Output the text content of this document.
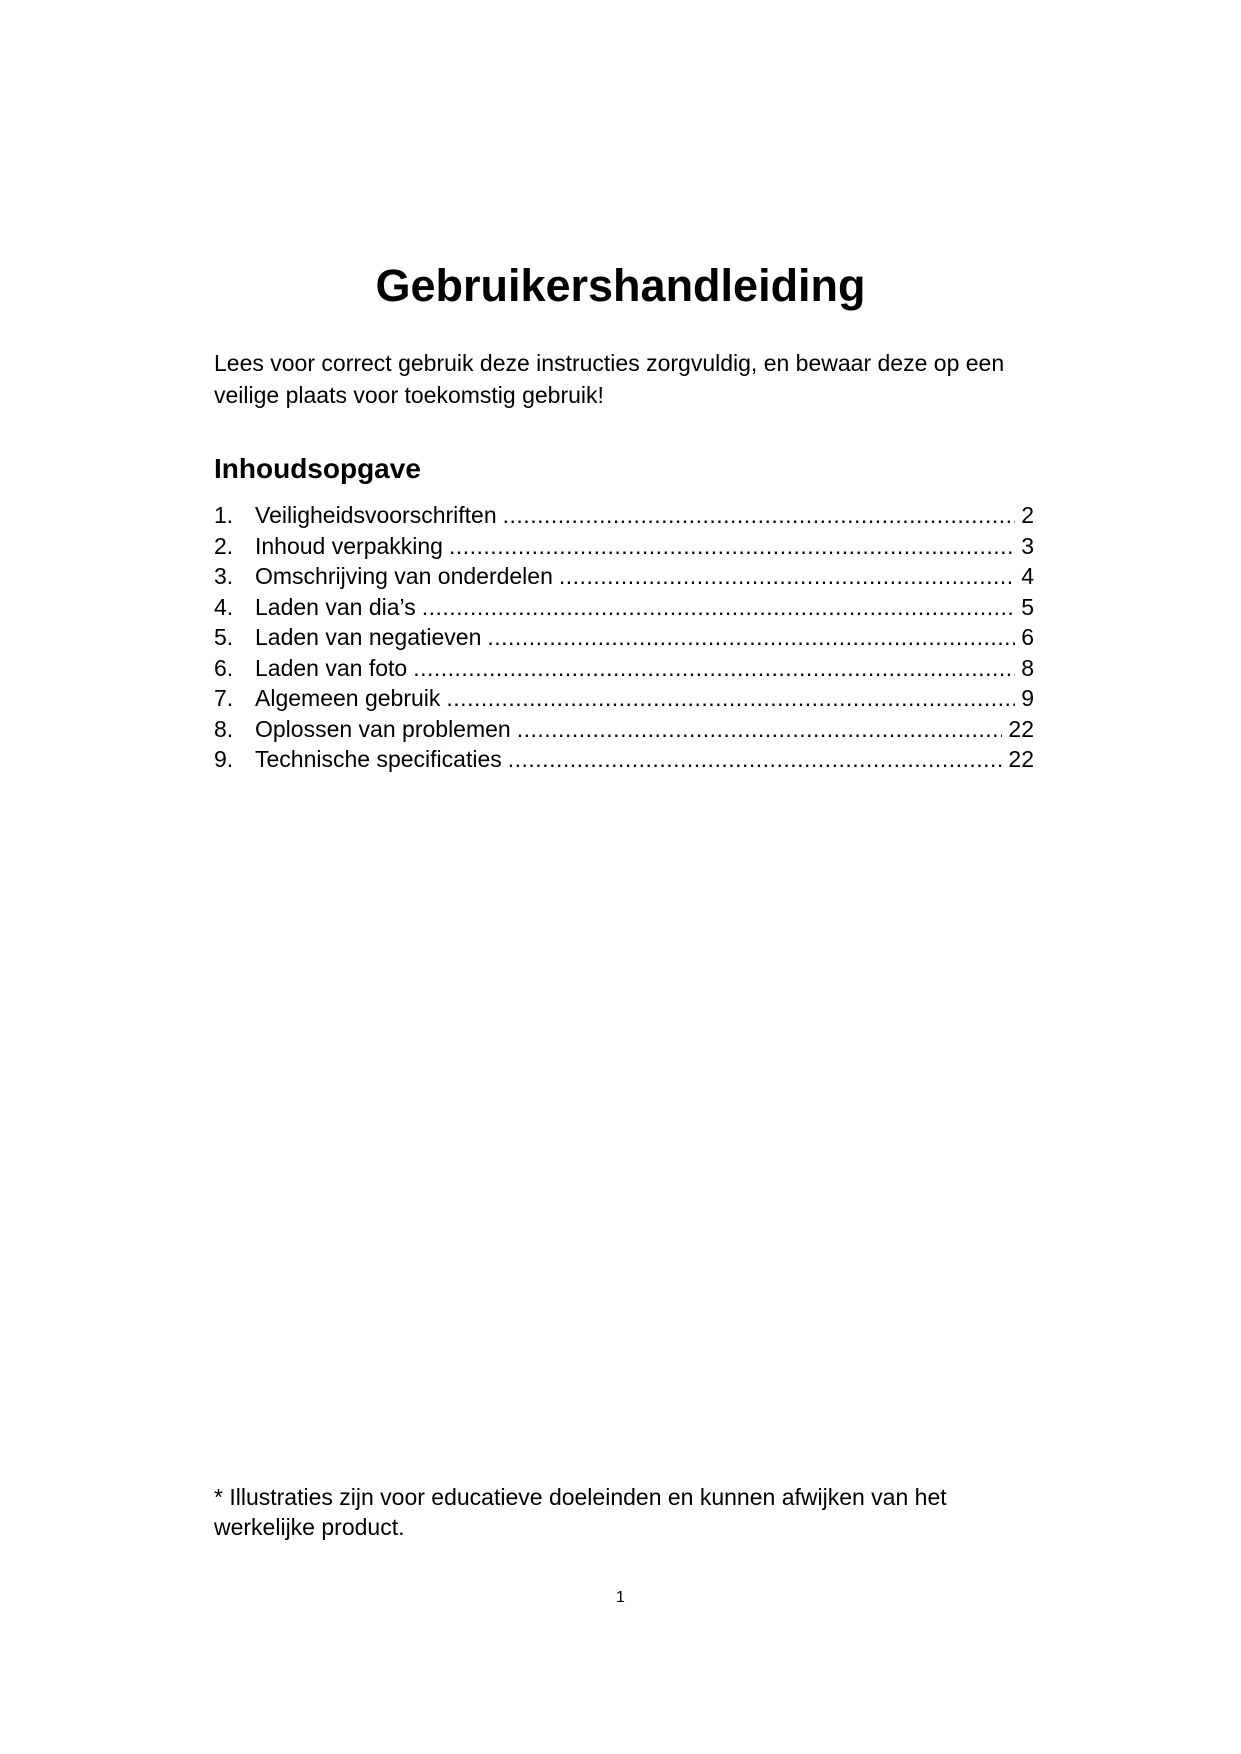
Gebruikershandleiding

Lees voor correct gebruik deze instructies zorgvuldig, en bewaar deze op een veilige plaats voor toekomstig gebruik!

Inhoudsopgave
1. Veiligheidsvoorschriften .....	2
2. Inhoud verpakking .....	3
3. Omschrijving van onderdelen .....	4
4. Laden van dia’s .....	5
5. Laden van negatieven .....	6
6. Laden van foto .....	8
7. Algemeen gebruik .....	9
8. Oplossen van problemen .....	22
9. Technische specificaties .....	22

* Illustraties zijn voor educatieve doeleinden en kunnen afwijken van het werkelijke product.

1
